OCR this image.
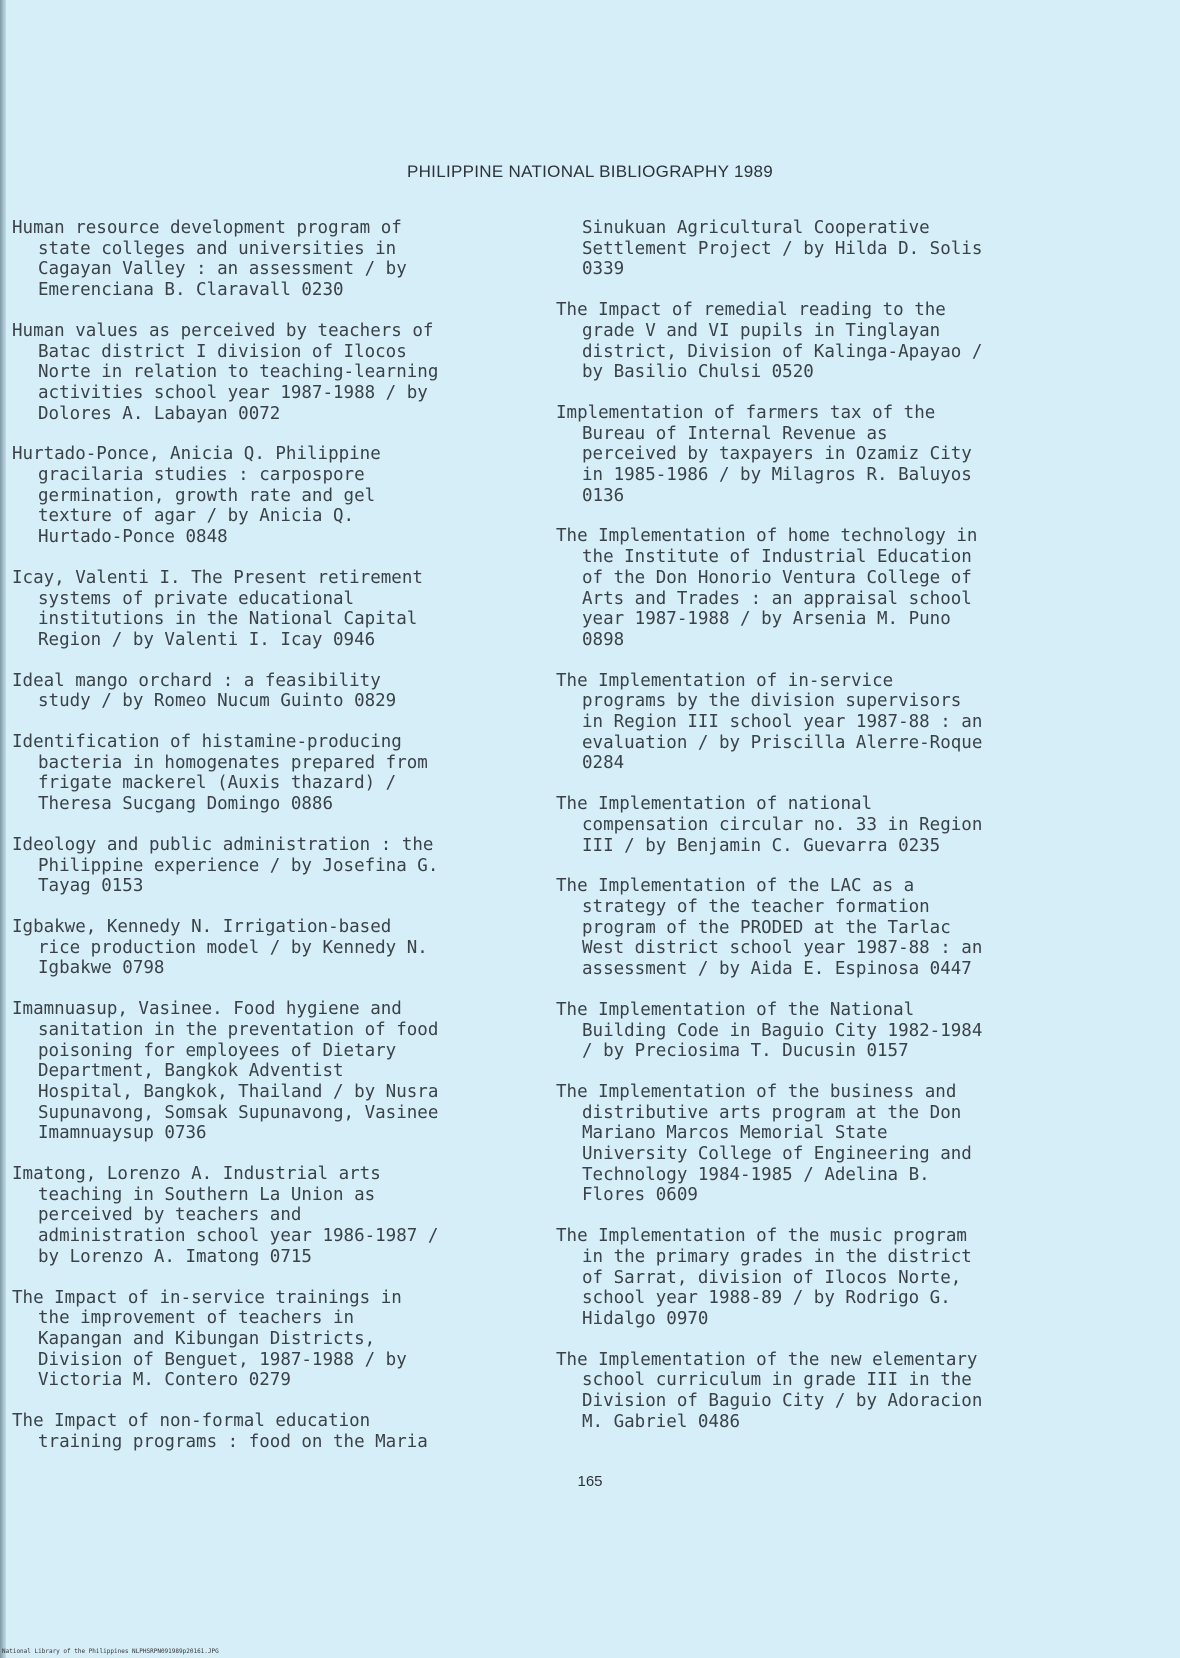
PHILIPPINE NATIONAL BIBLIOGRAPHY 1989

Human resource development program of
state colleges and universities in
Cagayan Valley : an assessment / by
Emerenciana B. Claravall 0230

Human values as perceived by teachers of
Batac district I division of Ilocos
Norte in relation to teaching-learning
activities school year 1987-1988 / by
Dolores A. Labayan 0072

Hurtado-Ponce, Anicia Q. Philippine
gracilaria studies : carpospore
germination, growth rate and gel
texture of agar / by Anicia Q.
Hurtado-Ponce 0848

Icay, Valenti I. The Present retirement
systems of private educational
institutions in the National Capital
Region / by Valenti I. Icay 0946

Ideal mango orchard : a feasibility
study / by Romeo Nucum Guinto 0829

Identification of histamine-producing
bacteria in homogenates prepared from
frigate mackerel (Auxis thazard) /
Theresa Sucgang Domingo 0886

Ideology and public administration : the
Philippine experience / by Josefina G.
Tayag 0153

Igbakwe, Kennedy N. Irrigation-based
rice production model / by Kennedy N.
Igbakwe 0798

Imamnuasup, Vasinee. Food hygiene and
sanitation in the preventation of food
poisoning for employees of Dietary
Department, Bangkok Adventist
Hospital, Bangkok, Thailand / by Nusra
Supunavong, Somsak Supunavong, Vasinee
Imamnuaysup 0736

Imatong, Lorenzo A. Industrial arts
teaching in Southern La Union as
perceived by teachers and
administration school year 1986-1987 /
by Lorenzo A. Imatong 0715

The Impact of in-service trainings in
the improvement of teachers in
Kapangan and Kibungan Districts,
Division of Benguet, 1987-1988 / by
Victoria M. Contero 0279

The Impact of non-formal education
training programs : food on the Maria

Sinukuan Agricultural Cooperative
Settlement Project / by Hilda D. Solis
0339

The Impact of remedial reading to the
grade V and VI pupils in Tinglayan
district, Division of Kalinga-Apayao /
by Basilio Chulsi 0520

Implementation of farmers tax of the
Bureau of Internal Revenue as
perceived by taxpayers in Ozamiz City
in 1985-1986 / by Milagros R. Baluyos
0136

The Implementation of home technology in
the Institute of Industrial Education
of the Don Honorio Ventura College of
Arts and Trades : an appraisal school
year 1987-1988 / by Arsenia M. Puno
0898

The Implementation of in-service
programs by the division supervisors
in Region III school year 1987-88 : an
evaluation / by Priscilla Alerre-Roque
0284

The Implementation of national
compensation circular no. 33 in Region
III / by Benjamin C. Guevarra 0235

The Implementation of the LAC as a
strategy of the teacher formation
program of the PRODED at the Tarlac
West district school year 1987-88 : an
assessment / by Aida E. Espinosa 0447

The Implementation of the National
Building Code in Baguio City 1982-1984
/ by Preciosima T. Ducusin 0157

The Implementation of the business and
distributive arts program at the Don
Mariano Marcos Memorial State
University College of Engineering and
Technology 1984-1985 / Adelina B.
Flores 0609

The Implementation of the music program
in the primary grades in the district
of Sarrat, division of Ilocos Norte,
school year 1988-89 / by Rodrigo G.
Hidalgo 0970

The Implementation of the new elementary
school curriculum in grade III in the
Division of Baguio City / by Adoracion
M. Gabriel 0486

165
National Library of the Philippines NLPHSRPN091989p20161.JPG
